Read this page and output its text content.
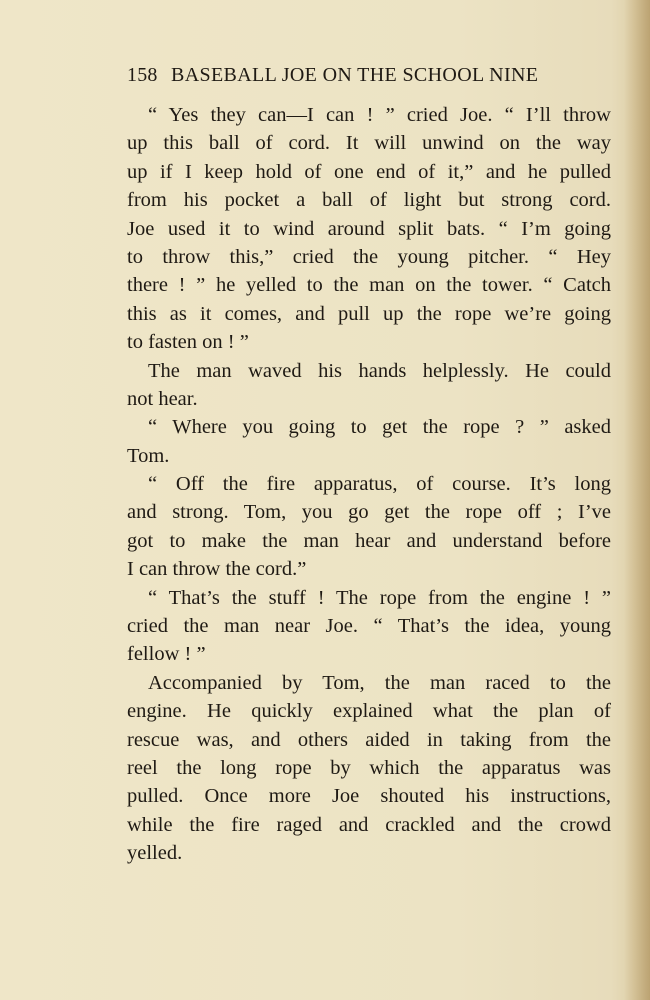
158 BASEBALL JOE ON THE SCHOOL NINE
“ Yes they can—I can ! ” cried Joe. “ I’ll throw
up this ball of cord. It will unwind on the way
up if I keep hold of one end of it,” and he pulled
from his pocket a ball of light but strong cord.
Joe used it to wind around split bats. “ I’m going
to throw this,” cried the young pitcher. “ Hey
there ! ” he yelled to the man on the tower. “ Catch
this as it comes, and pull up the rope we’re going
to fasten on ! ”
The man waved his hands helplessly. He could
not hear.
“ Where you going to get the rope ? ” asked
Tom.
“ Off the fire apparatus, of course. It’s long
and strong. Tom, you go get the rope off ; I’ve
got to make the man hear and understand before
I can throw the cord.”
“ That’s the stuff ! The rope from the engine ! ”
cried the man near Joe. “ That’s the idea, young
fellow ! ”
Accompanied by Tom, the man raced to the
engine. He quickly explained what the plan of
rescue was, and others aided in taking from the
reel the long rope by which the apparatus was
pulled. Once more Joe shouted his instructions,
while the fire raged and crackled and the crowd
yelled.
